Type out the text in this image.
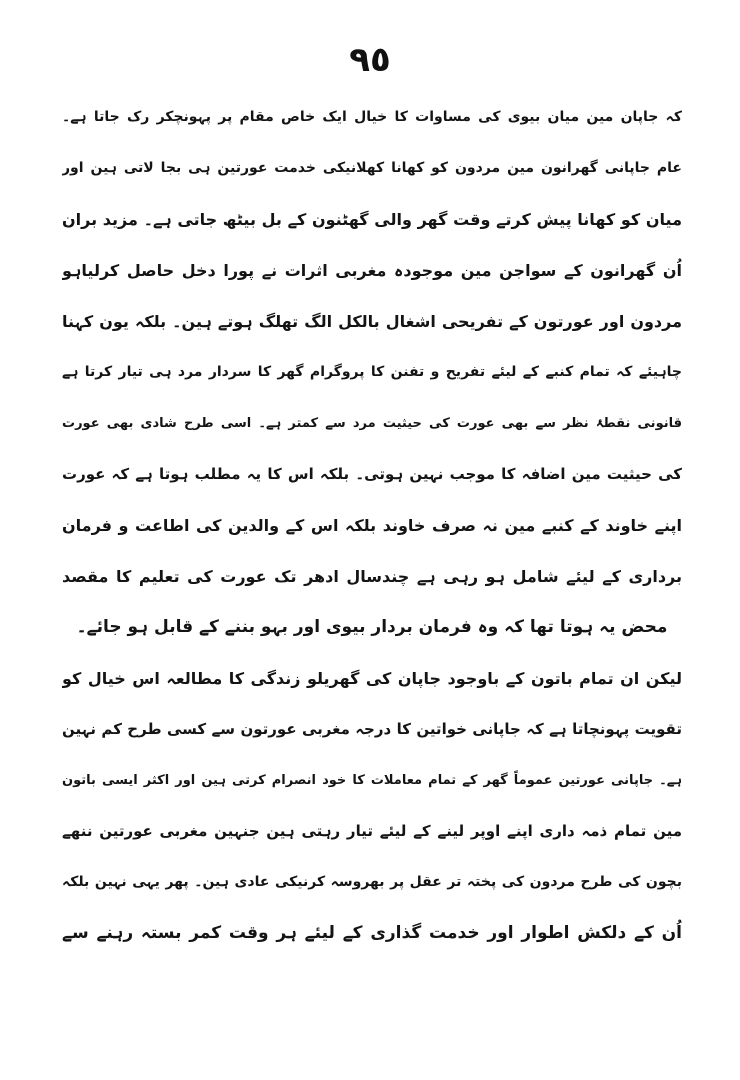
٩٥
کہ جاپان مین میان بیوی کی مساوات کا خیال ایک خاص مقام پر پہونچکر رک جاتا ہے۔
عام جاپانی گھرانون مین مردون کو کھانا کھلانیکی خدمت عورتین ہی بجا لاتی ہین اور
میان کو کھانا پیش کرتے وقت گھر والی گھٹنون کے بل بیٹھ جاتی ہے۔ مزید بران
اُن گھرانون کے سواجن مین موجودہ مغربی اثرات نے پورا دخل حاصل کرلیاہو
مردون اور عورتون کے تفریحی اشغال بالکل الگ تھلگ ہوتے ہین۔ بلکہ یون کہنا
چاہیئے کہ تمام کنبے کے لیئے تفریح و تفنن کا پروگرام گھر کا سردار مرد ہی تیار کرتا ہے
قانونی نقطۂ نظر سے بھی عورت کی حیثیت مرد سے کمتر ہے۔ اسی طرح شادی بھی عورت
کی حیثیت مین اضافہ کا موجب نہین ہوتی۔ بلکہ اس کا یہ مطلب ہوتا ہے کہ عورت
اپنے خاوند کے کنبے مین نہ صرف خاوند بلکہ اس کے والدین کی اطاعت و فرمان
برداری کے لیئے شامل ہو رہی ہے چندسال ادھر تک عورت کی تعلیم کا مقصد
محض یہ ہوتا تھا کہ وہ فرمان بردار بیوی اور بہو بننے کے قابل ہو جائے۔
لیکن ان تمام باتون کے باوجود جاپان کی گھریلو زندگی کا مطالعہ اس خیال کو
تقویت پہونچاتا ہے کہ جاپانی خواتین کا درجہ مغربی عورتون سے کسی طرح کم نہین
ہے۔ جاپانی عورتین عموماً گھر کے تمام معاملات کا خود انصرام کرتی ہین اور اکثر ایسی باتون
مین تمام ذمہ داری اپنے اوپر لینے کے لیئے تیار رہتی ہین جنہین مغربی عورتین ننھے
بچون کی طرح مردون کی پختہ تر عقل پر بھروسہ کرنیکی عادی ہین۔ پھر یہی نہین بلکہ
اُن کے دلکش اطوار اور خدمت گذاری کے لیئے ہر وقت کمر بستہ رہنے سے
